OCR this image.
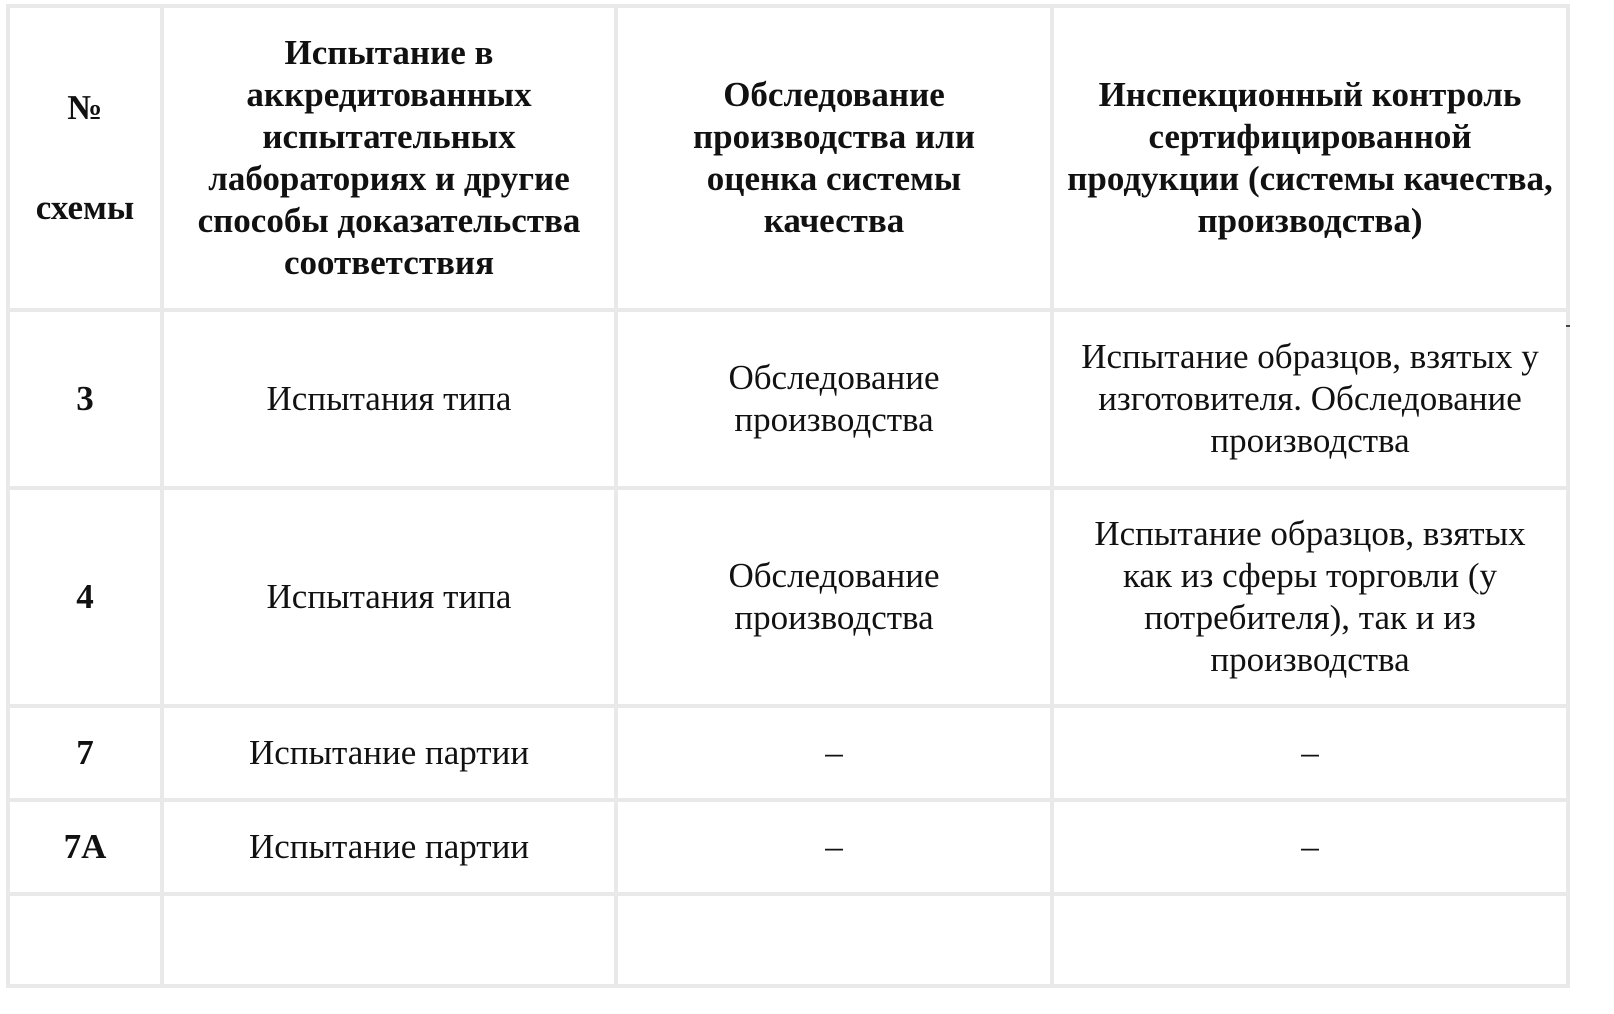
№
схемы	Испытание в аккредитованных испытательных лабораториях и другие способы доказательства соответствия	Обследование производства или оценка системы качества	Инспекционный контроль сертифицированной продукции (системы качества, производства)
3	Испытания типа	Обследование производства	Испытание образцов, взятых у изготовителя. Обследование производства
4	Испытания типа	Обследование производства	Испытание образцов, взятых как из сферы торговли (у потребителя), так и из производства
7	Испытание партии	–	–
7А	Испытание партии	–	–
